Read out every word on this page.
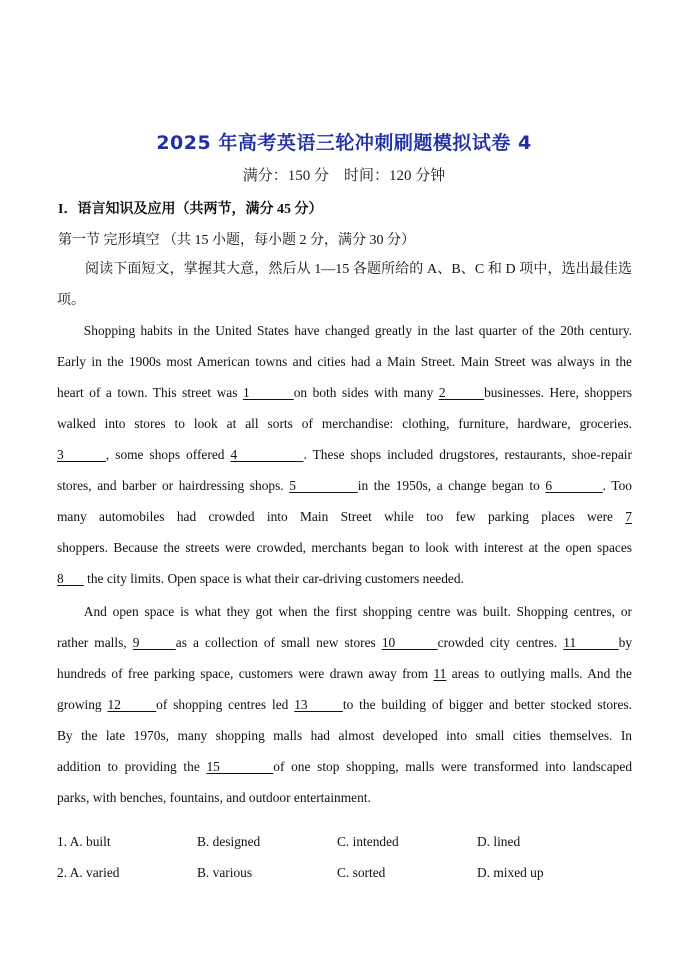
2025 年高考英语三轮冲刺刷题模拟试卷 4
满分：150 分　时间：120 分钟
I．语言知识及应用（共两节，满分 45 分）
第一节 完形填空 （共 15 小题，每小题 2 分，满分 30 分）
阅读下面短文，掌握其大意，然后从 1—15 各题所给的 A、B、C 和 D 项中，选出最佳选
项。
Shopping habits in the United States have changed greatly in the last quarter of the 20th century.
Early in the 1900s most American towns and cities had a Main Street. Main Street was always in the
heart of a town. This street was 1        on both sides with many 2       businesses. Here, shoppers
walked into stores to look at all sorts of merchandise: clothing, furniture, hardware, groceries.
3       , some shops offered 4           . These shops included drugstores, restaurants, shoe-repair
stores, and barber or hairdressing shops. 5           in the 1950s, a change began to 6         . Too
many automobiles had crowded into Main Street while too few parking places were 7
shoppers. Because the streets were crowded, merchants began to look with interest at the open spaces
8       the city limits. Open space is what their car-driving customers needed.
And open space is what they got when the first shopping centre was built. Shopping centres, or
rather malls, 9      as a collection of small new stores 10       crowded city centres. 11       by
hundreds of free parking space, customers were drawn away from 11 areas to outlying malls. And the
growing 12      of shopping centres led 13      to the building of bigger and better stocked stores.
By the late 1970s, many shopping malls had almost developed into small cities themselves. In
addition to providing the 15        of one stop shopping, malls were transformed into landscaped
parks, with benches, fountains, and outdoor entertainment.
1. A. built	B. designed	C. intended	D. lined
2. A. varied	B. various	C. sorted	D. mixed up
